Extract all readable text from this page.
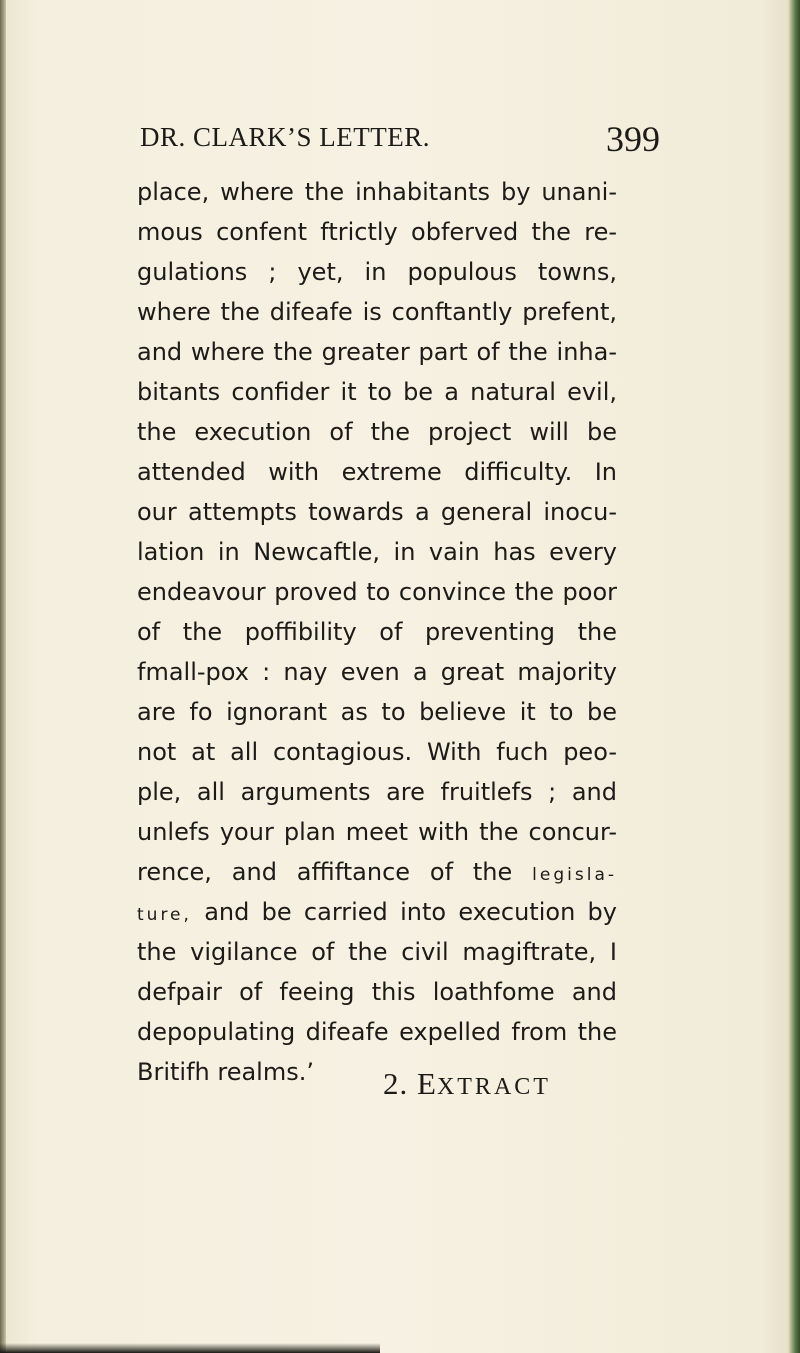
DR. CLARK’S LETTER.	399
place, where the inhabitants by unani-
mous confent ftrictly obferved the re-
gulations ; yet, in populous towns,
where the difeafe is conftantly prefent,
and where the greater part of the inha-
bitants confider it to be a natural evil,
the execution of the project will be
attended with extreme difficulty. In
our attempts towards a general inocu-
lation in Newcaftle, in vain has every
endeavour proved to convince the poor
of the poffibility of preventing the
fmall-pox : nay even a great majority
are fo ignorant as to believe it to be
not at all contagious. With fuch peo-
ple, all arguments are fruitlefs ; and
unlefs your plan meet with the concur-
rence, and affiftance of the legisla-
ture, and be carried into execution by
the vigilance of the civil magiftrate, I
defpair of feeing this loathfome and
depopulating difeafe expelled from the
Britifh realms.’	2. EXTRACT
